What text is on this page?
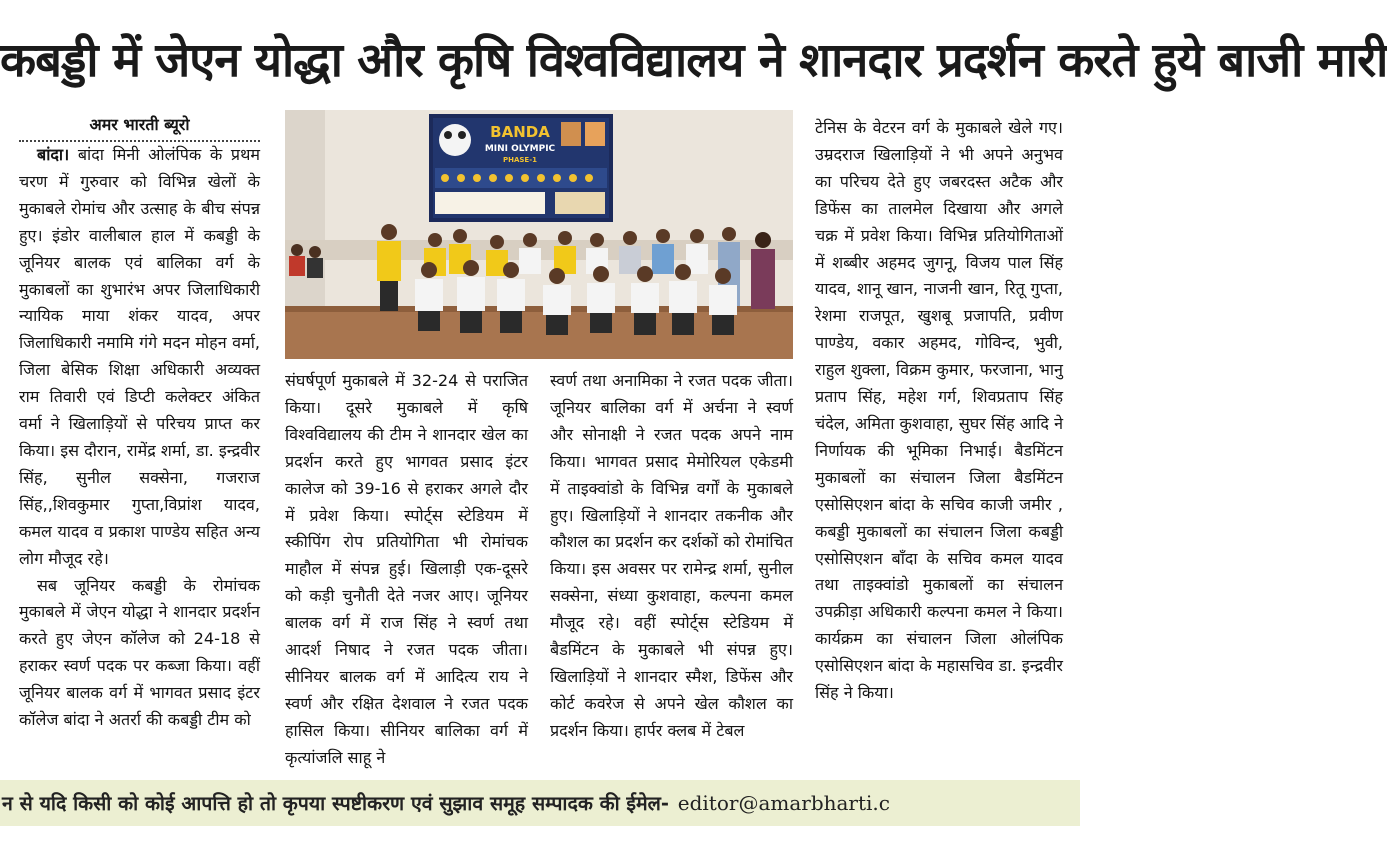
कबड्डी में जेएन योद्धा और कृषि विश्वविद्यालय ने शानदार प्रदर्शन करते हुये बाजी मारी
अमर भारती ब्यूरो

बांदा। बांदा मिनी ओलंपिक के प्रथम चरण में गुरुवार को विभिन्न खेलों के मुकाबले रोमांच और उत्साह के बीच संपन्न हुए। इंडोर वालीबाल हाल में कबड्डी के जूनियर बालक एवं बालिका वर्ग के मुकाबलों का शुभारंभ अपर जिलाधिकारी न्यायिक माया शंकर यादव, अपर जिलाधिकारी नमामि गंगे मदन मोहन वर्मा, जिला बेसिक शिक्षा अधिकारी अव्यक्त राम तिवारी एवं डिप्टी कलेक्टर अंकित वर्मा ने खिलाड़ियों से परिचय प्राप्त कर किया। इस दौरान, रामेंद्र शर्मा, डा. इन्द्रवीर सिंह, सुनील सक्सेना, गजराज सिंह,,शिवकुमार गुप्ता,विप्रांश यादव, कमल यादव व प्रकाश पाण्डेय सहित अन्य लोग मौजूद रहे।

सब जूनियर कबड्डी के रोमांचक मुकाबले में जेएन योद्धा ने शानदार प्रदर्शन करते हुए जेएन कॉलेज को 24-18 से हराकर स्वर्ण पदक पर कब्जा किया। वहीं जूनियर बालक वर्ग में भागवत प्रसाद इंटर कॉलेज बांदा ने अतर्रा की कबड्डी टीम को

BANDA
MINI OLYMPIC
PHASE-1

संघर्षपूर्ण मुकाबले में 32-24 से पराजित किया। दूसरे मुकाबले में कृषि विश्वविद्यालय की टीम ने शानदार खेल का प्रदर्शन करते हुए भागवत प्रसाद इंटर कालेज को 39-16 से हराकर अगले दौर में प्रवेश किया। स्पोर्ट्स स्टेडियम में स्कीपिंग रोप प्रतियोगिता भी रोमांचक माहौल में संपन्न हुई। खिलाड़ी एक-दूसरे को कड़ी चुनौती देते नजर आए। जूनियर बालक वर्ग में राज सिंह ने स्वर्ण तथा आदर्श निषाद ने रजत पदक जीता। सीनियर बालक वर्ग में आदित्य राय ने स्वर्ण और रक्षित देशवाल ने रजत पदक हासिल किया। सीनियर बालिका वर्ग में कृत्यांजलि साहू ने

स्वर्ण तथा अनामिका ने रजत पदक जीता। जूनियर बालिका वर्ग में अर्चना ने स्वर्ण और सोनाक्षी ने रजत पदक अपने नाम किया। भागवत प्रसाद मेमोरियल एकेडमी में ताइक्वांडो के विभिन्न वर्गों के मुकाबले हुए। खिलाड़ियों ने शानदार तकनीक और कौशल का प्रदर्शन कर दर्शकों को रोमांचित किया। इस अवसर पर रामेन्द्र शर्मा, सुनील सक्सेना, संध्या कुशवाहा, कल्पना कमल मौजूद रहे। वहीं स्पोर्ट्स स्टेडियम में बैडमिंटन के मुकाबले भी संपन्न हुए। खिलाड़ियों ने शानदार स्मैश, डिफेंस और कोर्ट कवरेज से अपने खेल कौशल का प्रदर्शन किया। हार्पर क्लब में टेबल

टेनिस के वेटरन वर्ग के मुकाबले खेले गए। उम्रदराज खिलाड़ियों ने भी अपने अनुभव का परिचय देते हुए जबरदस्त अटैक और डिफेंस का तालमेल दिखाया और अगले चक्र में प्रवेश किया। विभिन्न प्रतियोगिताओं में शब्बीर अहमद जुगनू, विजय पाल सिंह यादव, शानू खान, नाजनी खान, रितू गुप्ता, रेशमा राजपूत, खुशबू प्रजापति, प्रवीण पाण्डेय, वकार अहमद, गोविन्द, भुवी, राहुल शुक्ला, विक्रम कुमार, फरजाना, भानु प्रताप सिंह, महेश गर्ग, शिवप्रताप सिंह चंदेल, अमिता कुशवाहा, सुघर सिंह आदि ने निर्णायक की भूमिका निभाई। बैडमिंटन मुकाबलों का संचालन जिला बैडमिंटन एसोसिएशन बांदा के सचिव काजी जमीर , कबड्डी मुकाबलों का संचालन जिला कबड्डी एसोसिएशन बाँदा के सचिव कमल यादव तथा ताइक्वांडो मुकाबलों का संचालन उपक्रीड़ा अधिकारी कल्पना कमल ने किया। कार्यक्रम का संचालन जिला ओलंपिक एसोसिएशन बांदा के महासचिव डा. इन्द्रवीर सिंह ने किया।

न से यदि किसी को कोई आपत्ति हो तो कृपया स्पष्टीकरण एवं सुझाव समूह सम्पादक की ईमेल- editor@amarbharti.c
